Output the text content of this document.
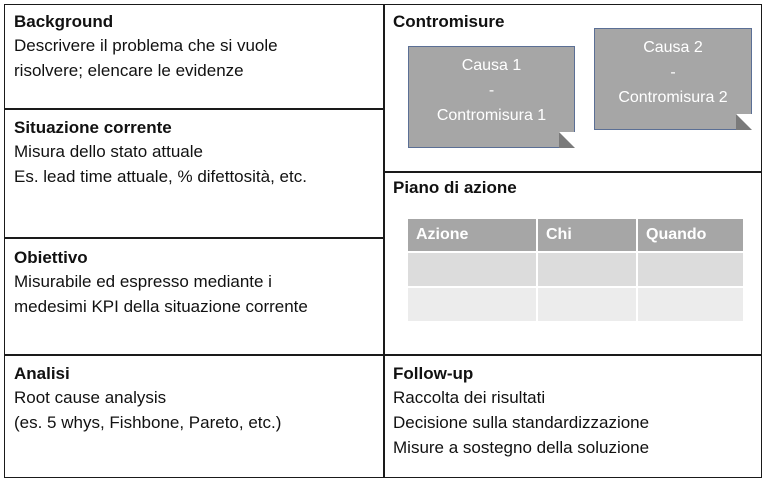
Background
Descrivere il problema che si vuole
risolvere; elencare le evidenze
Situazione corrente
Misura dello stato attuale
Es. lead time attuale, % difettosità, etc.
Obiettivo
Misurabile ed espresso mediante i
medesimi KPI della situazione corrente
Analisi
Root cause analysis
(es. 5 whys, Fishbone, Pareto, etc.)
Contromisure
Causa 1
-
Contromisura 1
Causa 2
-
Contromisura 2
Piano di azione
Azione	Chi	Quando

Follow-up
Raccolta dei risultati
Decisione sulla standardizzazione
Misure a sostegno della soluzione
